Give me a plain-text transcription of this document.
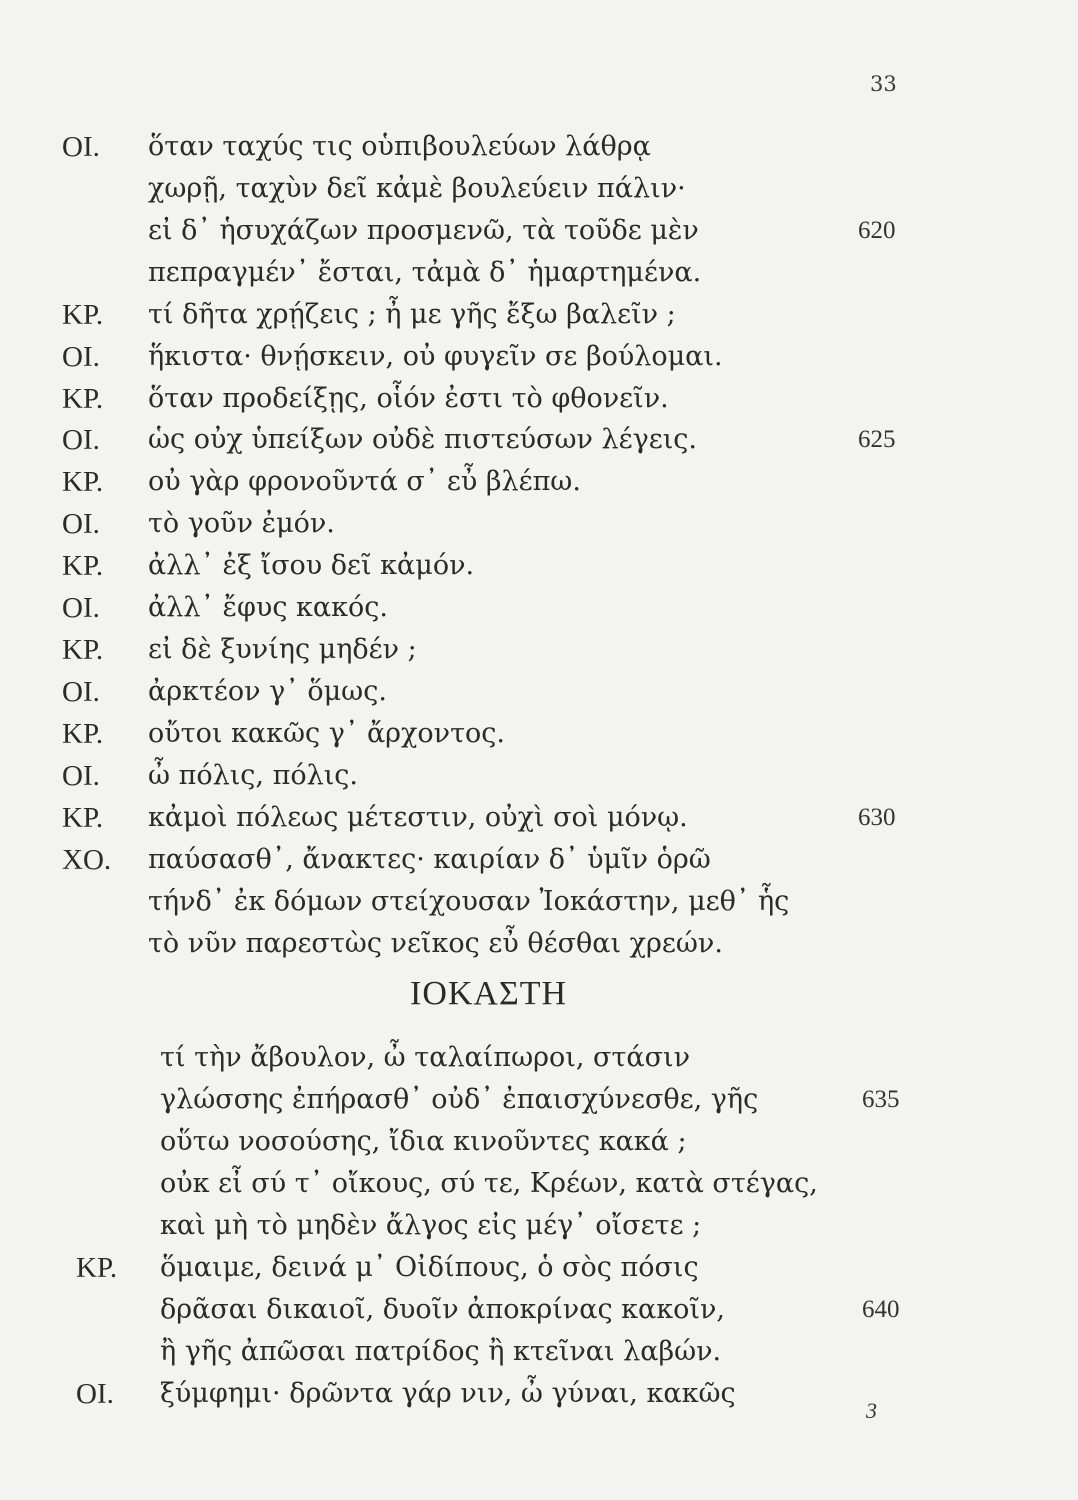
33
ΙΟΚΑΣΤΗ
ΟΙ. ὅταν ταχύς τις οὑπιβουλεύων λάθρᾳ
χωρῇ, ταχὺν δεῖ κἀμὲ βουλεύειν πάλιν·
εἰ δ᾽ ἡσυχάζων προσμενῶ, τὰ τοῦδε μὲν	620
πεπραγμέν᾽ ἔσται, τἀμὰ δ᾽ ἡμαρτημένα.
ΚΡ. τί δῆτα χρῄζεις ; ἦ με γῆς ἔξω βαλεῖν ;
ΟΙ. ἥκιστα· θνῄσκειν, οὐ φυγεῖν σε βούλομαι.
ΚΡ. ὅταν προδείξῃς, οἷόν ἐστι τὸ φθονεῖν.
ΟΙ. ὡς οὐχ ὑπείξων οὐδὲ πιστεύσων λέγεις.	625
ΚΡ. οὐ γὰρ φρονοῦντά σ᾽ εὖ βλέπω.
ΟΙ. τὸ γοῦν ἐμόν.
ΚΡ. ἀλλ᾽ ἐξ ἴσου δεῖ κἀμόν.
ΟΙ. ἀλλ᾽ ἔφυς κακός.
ΚΡ. εἰ δὲ ξυνίης μηδέν ;
ΟΙ. ἀρκτέον γ᾽ ὅμως.
ΚΡ. οὔτοι κακῶς γ᾽ ἄρχοντος.
ΟΙ. ὦ πόλις, πόλις.
ΚΡ. κἀμοὶ πόλεως μέτεστιν, οὐχὶ σοὶ μόνῳ.	630
ΧΟ. παύσασθ᾽, ἄνακτες· καιρίαν δ᾽ ὑμῖν ὁρῶ
τήνδ᾽ ἐκ δόμων στείχουσαν Ἰοκάστην, μεθ᾽ ἧς
τὸ νῦν παρεστὼς νεῖκος εὖ θέσθαι χρεών.
τί τὴν ἄβουλον, ὦ ταλαίπωροι, στάσιν
γλώσσης ἐπήρασθ᾽ οὐδ᾽ ἐπαισχύνεσθε, γῆς	635
οὕτω νοσούσης, ἴδια κινοῦντες κακά ;
οὐκ εἶ σύ τ᾽ οἴκους, σύ τε, Κρέων, κατὰ στέγας,
καὶ μὴ τὸ μηδὲν ἄλγος εἰς μέγ᾽ οἴσετε ;
ΚΡ. ὅμαιμε, δεινά μ᾽ Οἰδίπους, ὁ σὸς πόσις
δρᾶσαι δικαιοῖ, δυοῖν ἀποκρίνας κακοῖν,	640
ἢ γῆς ἀπῶσαι πατρίδος ἢ κτεῖναι λαβών.
ΟΙ. ξύμφημι· δρῶντα γάρ νιν, ὦ γύναι, κακῶς
3
